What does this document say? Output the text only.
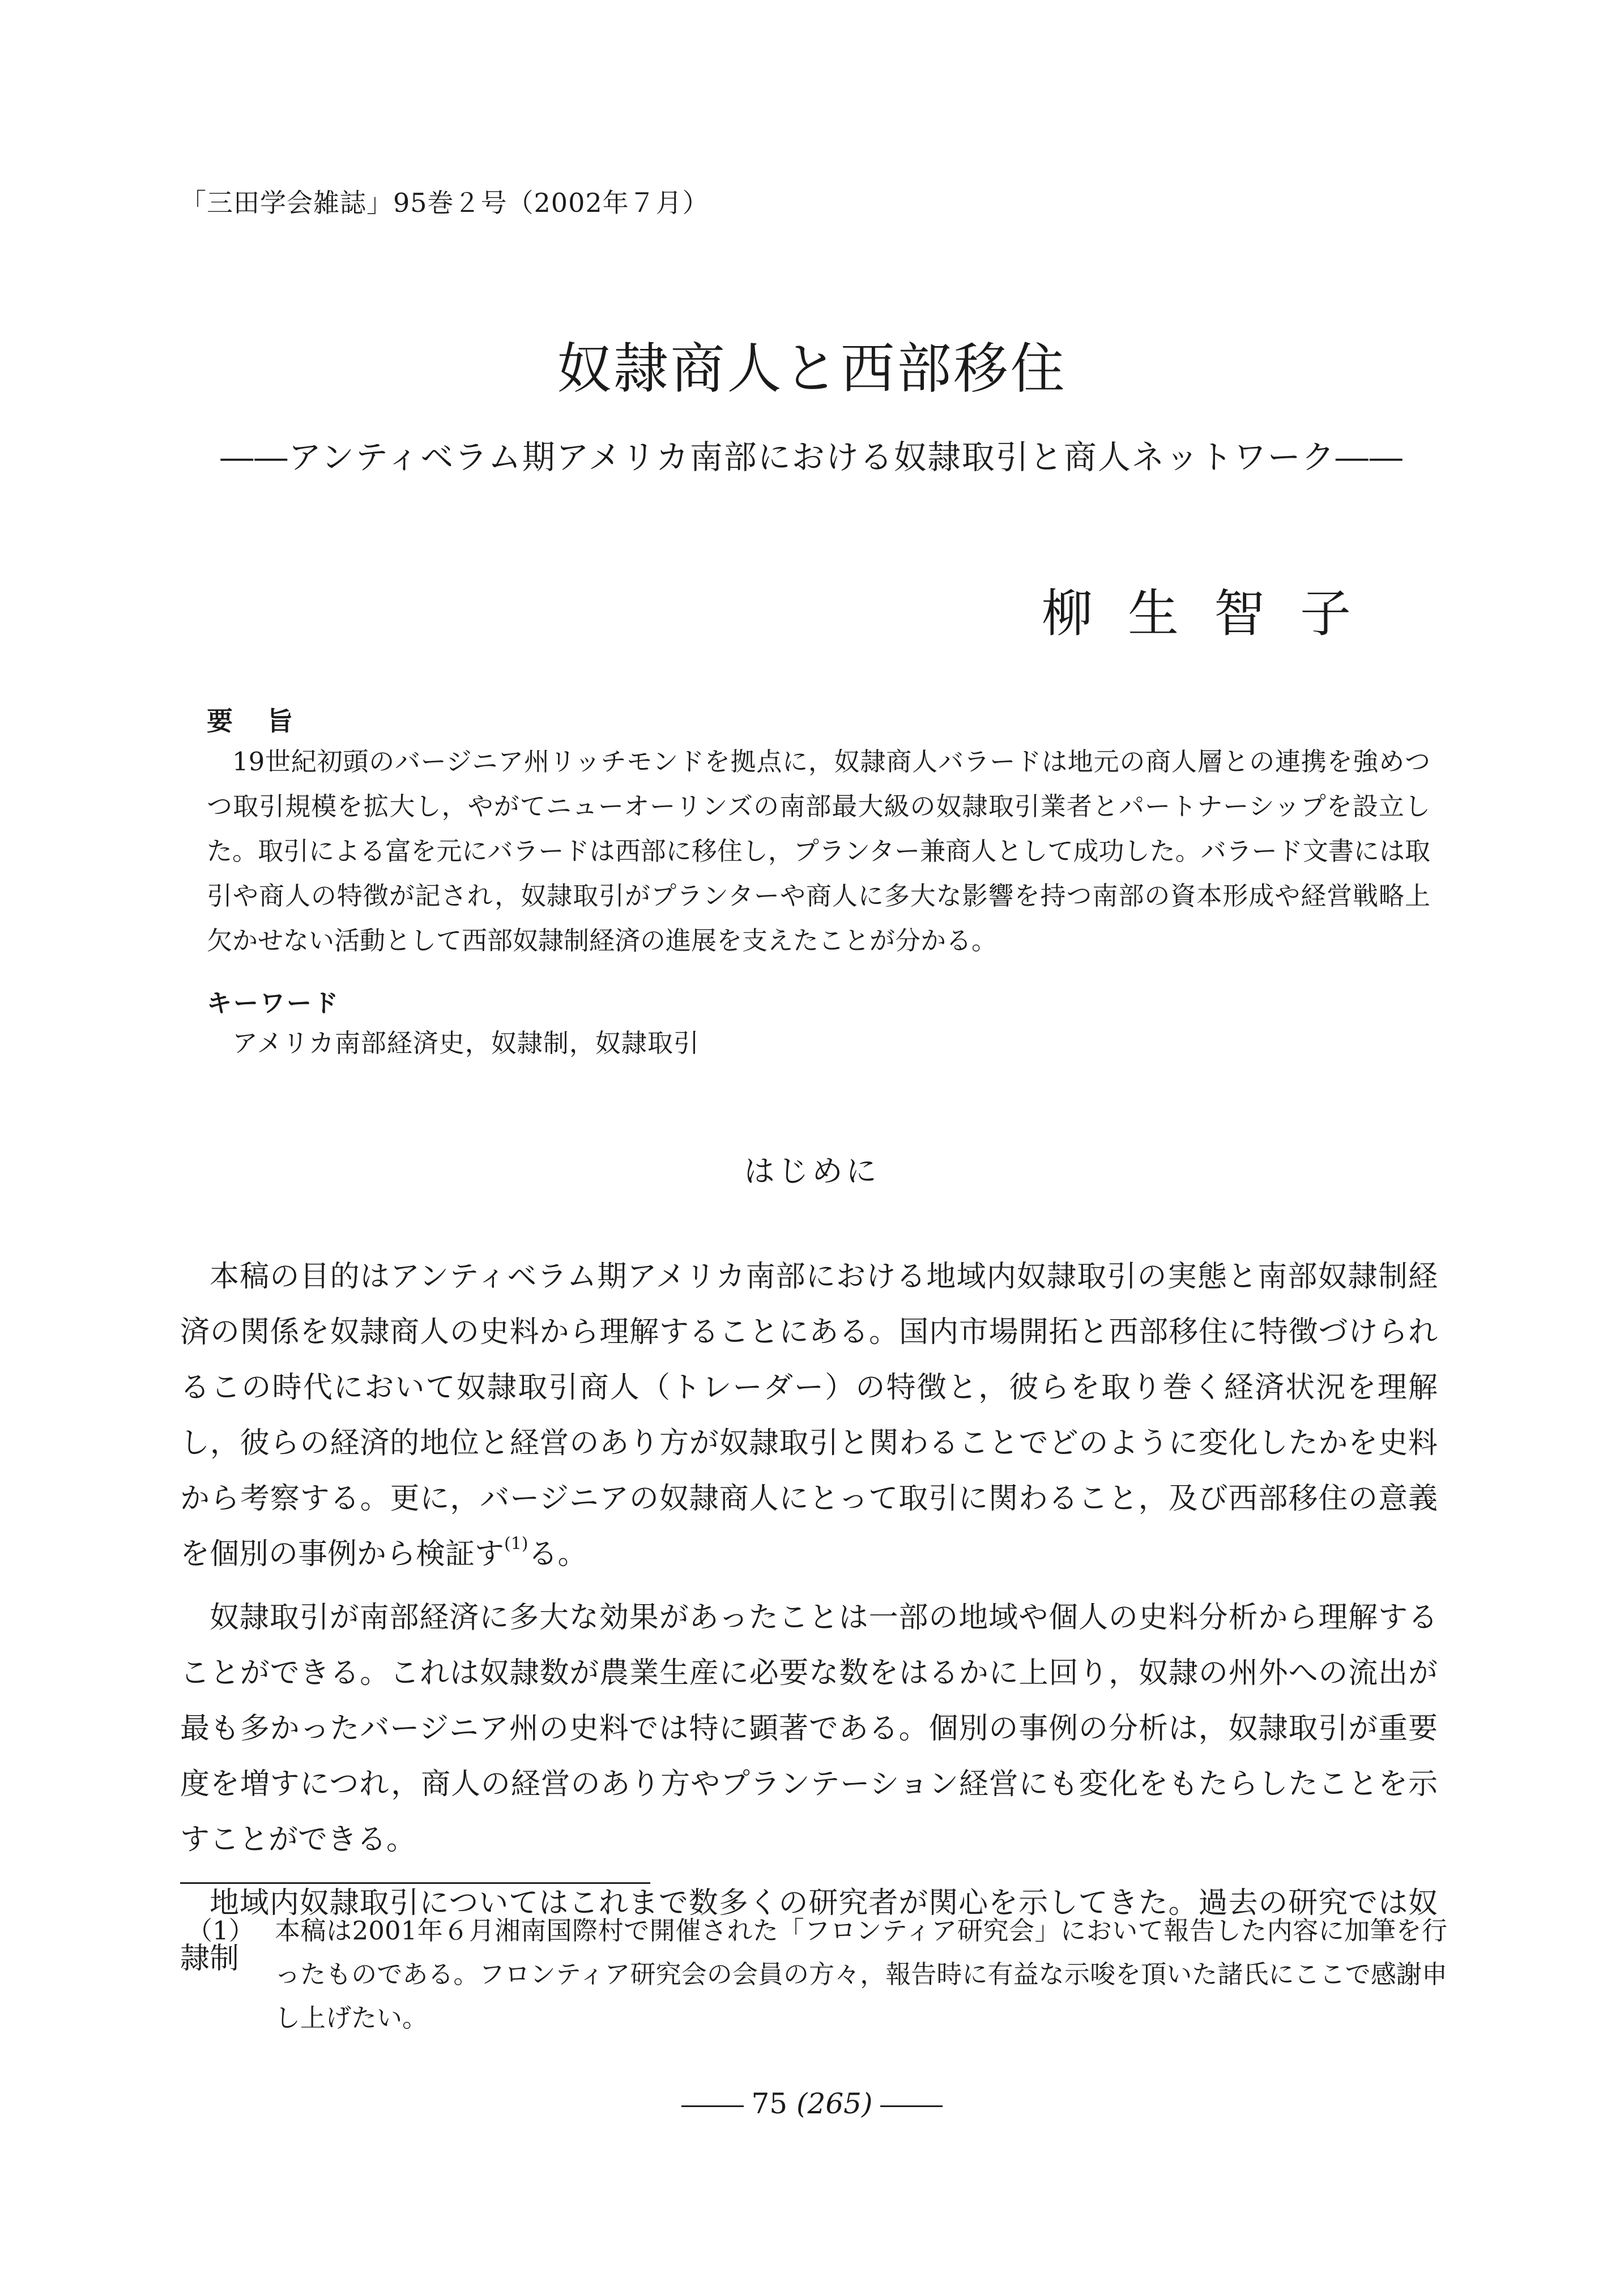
「三田学会雑誌」95巻２号（2002年７月）
奴隷商人と西部移住
――アンティベラム期アメリカ南部における奴隷取引と商人ネットワーク――
柳生智子
要旨

19世紀初頭のバージニア州リッチモンドを拠点に，奴隷商人バラードは地元の商人層との連携を強めつつ取引規模を拡大し，やがてニューオーリンズの南部最大級の奴隷取引業者とパートナーシップを設立した。取引による富を元にバラードは西部に移住し，プランター兼商人として成功した。バラード文書には取引や商人の特徴が記され，奴隷取引がプランターや商人に多大な影響を持つ南部の資本形成や経営戦略上欠かせない活動として西部奴隷制経済の進展を支えたことが分かる。

キーワード
アメリカ南部経済史，奴隷制，奴隷取引
はじめに

本稿の目的はアンティベラム期アメリカ南部における地域内奴隷取引の実態と南部奴隷制経済の関係を奴隷商人の史料から理解することにある。国内市場開拓と西部移住に特徴づけられるこの時代において奴隷取引商人（トレーダー）の特徴と，彼らを取り巻く経済状況を理解し，彼らの経済的地位と経営のあり方が奴隷取引と関わることでどのように変化したかを史料から考察する。更に，バージニアの奴隷商人にとって取引に関わること，及び西部移住の意義を個別の事例から検証す$^{(1)}$る。

奴隷取引が南部経済に多大な効果があったことは一部の地域や個人の史料分析から理解することができる。これは奴隷数が農業生産に必要な数をはるかに上回り，奴隷の州外への流出が最も多かったバージニア州の史料では特に顕著である。個別の事例の分析は，奴隷取引が重要度を増すにつれ，商人の経営のあり方やプランテーション経営にも変化をもたらしたことを示すことができる。

地域内奴隷取引についてはこれまで数多くの研究者が関心を示してきた。過去の研究では奴隷制

（1） 本稿は2001年６月湘南国際村で開催された「フロンティア研究会」において報告した内容に加筆を行ったものである。フロンティア研究会の会員の方々，報告時に有益な示唆を頂いた諸氏にここで感謝申し上げたい。
75 (265)
